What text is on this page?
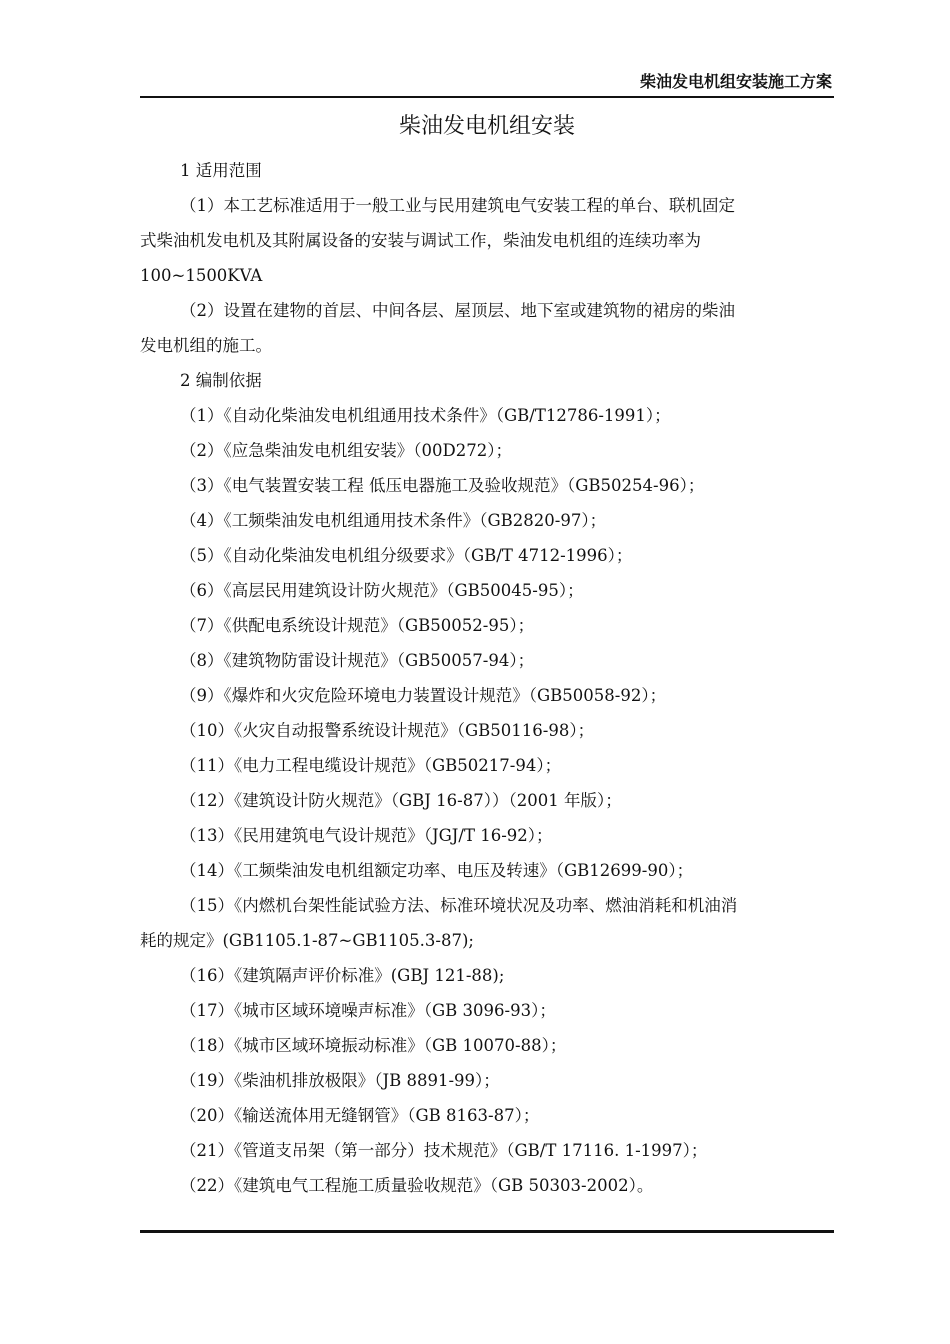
柴油发电机组安装施工方案
柴油发电机组安装
1 适用范围
（1）本工艺标准适用于一般工业与民用建筑电气安装工程的单台、联机固定
式柴油机发电机及其附属设备的安装与调试工作，柴油发电机组的连续功率为
100~1500KVA
（2）设置在建物的首层、中间各层、屋顶层、地下室或建筑物的裙房的柴油
发电机组的施工。
2 编制依据
（1）《自动化柴油发电机组通用技术条件》（GB/T12786-1991）；
（2）《应急柴油发电机组安装》（00D272）；
（3）《电气装置安装工程 低压电器施工及验收规范》（GB50254-96）；
（4）《工频柴油发电机组通用技术条件》（GB2820-97）；
（5）《自动化柴油发电机组分级要求》（GB/T 4712-1996）；
（6）《高层民用建筑设计防火规范》（GB50045-95）；
（7）《供配电系统设计规范》（GB50052-95）；
（8）《建筑物防雷设计规范》（GB50057-94）；
（9）《爆炸和火灾危险环境电力装置设计规范》（GB50058-92）；
（10）《火灾自动报警系统设计规范》（GB50116-98）；
（11）《电力工程电缆设计规范》（GB50217-94）；
（12）《建筑设计防火规范》（GBJ 16-87））（2001 年版）；
（13）《民用建筑电气设计规范》（JGJ/T 16-92）；
（14）《工频柴油发电机组额定功率、电压及转速》（GB12699-90）；
（15）《内燃机台架性能试验方法、标准环境状况及功率、燃油消耗和机油消
耗的规定》(GB1105.1-87~GB1105.3-87);
（16）《建筑隔声评价标准》(GBJ 121-88);
（17）《城市区域环境噪声标准》（GB 3096-93）；
（18）《城市区域环境振动标准》（GB 10070-88）；
（19）《柴油机排放极限》（JB 8891-99）；
（20）《输送流体用无缝钢管》（GB 8163-87）；
（21）《管道支吊架（第一部分）技术规范》（GB/T 17116. 1-1997）；
（22）《建筑电气工程施工质量验收规范》（GB 50303-2002）。
